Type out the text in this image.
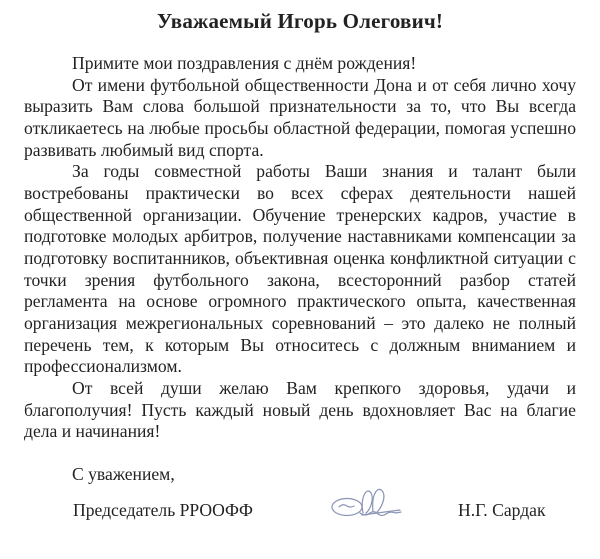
Уважаемый Игорь Олегович!

Примите мои поздравления с днём рождения!

От имени футбольной общественности Дона и от себя лично хочу выразить Вам слова большой признательности за то, что Вы всегда откликаетесь на любые просьбы областной федерации, помогая успешно развивать любимый вид спорта.

За годы совместной работы Ваши знания и талант были востребованы практически во всех сферах деятельности нашей общественной организации. Обучение тренерских кадров, участие в подготовке молодых арбитров, получение наставниками компенсации за подготовку воспитанников, объективная оценка конфликтной ситуации с точки зрения футбольного закона, всесторонний разбор статей регламента на основе огромного практического опыта, качественная организация межрегиональных соревнований – это далеко не полный перечень тем, к которым Вы относитесь с должным вниманием и профессионализмом.

От всей души желаю Вам крепкого здоровья, удачи и благополучия! Пусть каждый новый день вдохновляет Вас на благие дела и начинания!

С уважением,

Председатель РРООФФ	Н.Г. Сардак
